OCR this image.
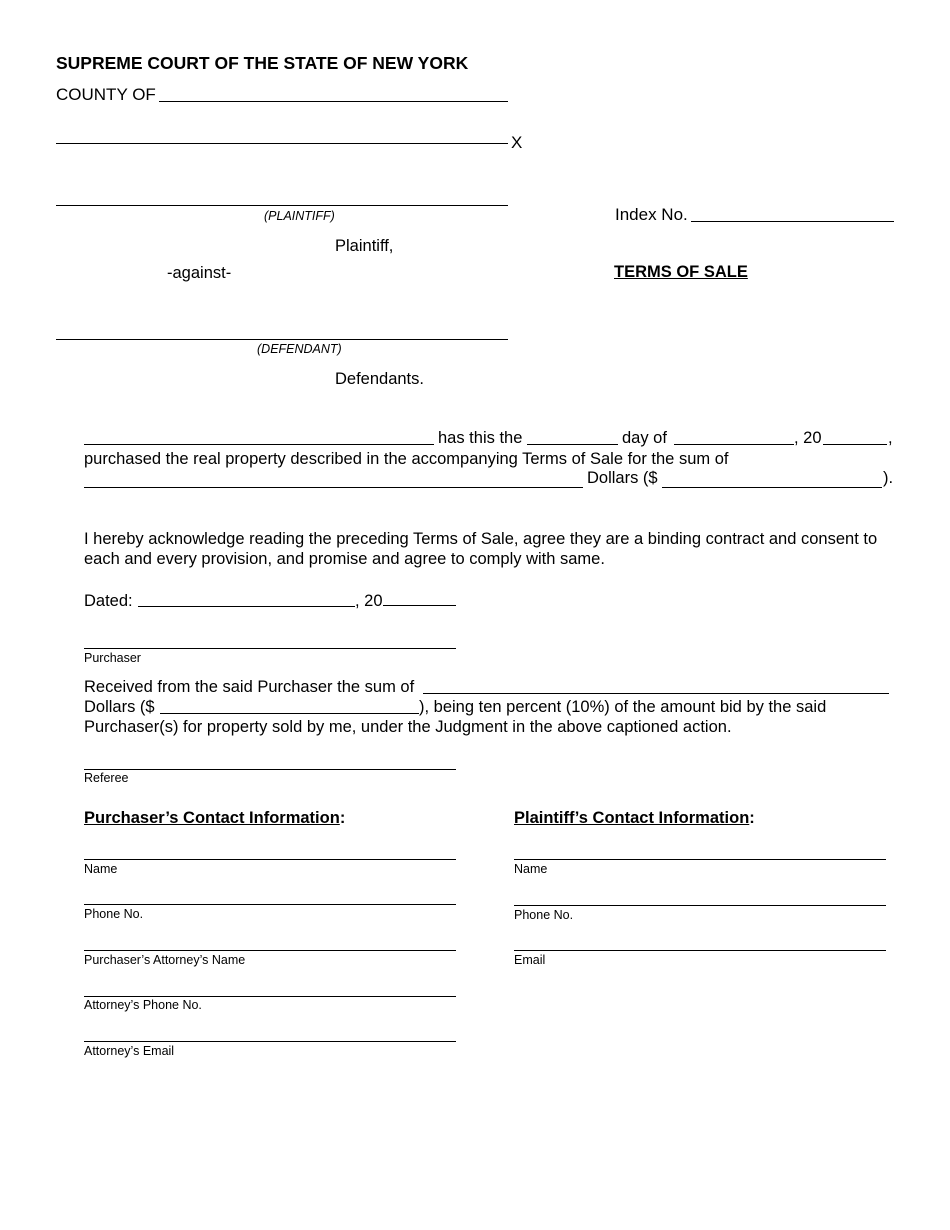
SUPREME COURT OF THE STATE OF NEW YORK
COUNTY OF
X
(PLAINTIFF)
Plaintiff,
-against-
Index No.
TERMS OF SALE
(DEFENDANT)
Defendants.
has this the	day of	, 20	,
purchased the real property described in the accompanying Terms of Sale for the sum of
Dollars ($	).
I hereby acknowledge reading the preceding Terms of Sale, agree they are a binding contract and consent to
each and every provision, and promise and agree to comply with same.
Dated:	, 20
Purchaser
Received from the said Purchaser the sum of
Dollars ($	), being ten percent (10%) of the amount bid by the said
Purchaser(s) for property sold by me, under the Judgment in the above captioned action.
Referee
Purchaser’s Contact Information:
Name
Phone No.
Purchaser’s Attorney’s Name
Attorney’s Phone No.
Attorney’s Email
Plaintiff’s Contact Information:
Name
Phone No.
Email
